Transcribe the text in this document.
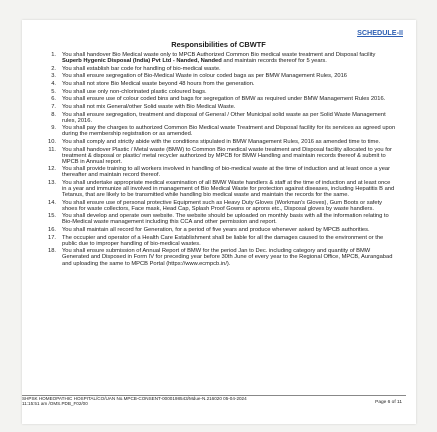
SCHEDULE-II
Responsibilities of CBWTF
1. You shall handover Bio Medical waste only to MPCB Authorized Common Bio medical waste treatment and Disposal facility Superb Hygenic Disposal (India) Pvt Ltd - Nanded, Nanded and maintain records thereof for 5 years.
2. You shall establish bar code for handling of bio-medical waste.
3. You shall ensure segregation of Bio-Medical Waste in colour coded bags as per BMW Management Rules, 2016
4. You shall not store Bio Medical waste beyond 48 hours from the generation.
5. You shall use only non-chlorinated plastic coloured bags.
6. You shall ensure use of colour coded bins and bags for segregation of BMW as required under BMW Management Rules 2016.
7. You shall not mix General/other Solid waste with Bio Medical Waste.
8. You shall ensure segregation, treatment and disposal of General / Other Municipal solid waste as per Solid Waste Management rules, 2016.
9. You shall pay the charges to authorized Common Bio Medical waste Treatment and Disposal facility for its services as agreed upon during the membership registration or as amended.
10. You shall comply and strictly abide with the conditions stipulated in BMW Management Rules, 2016 as amended time to time.
11. You shall handover Plastic / Metal waste (BMW) to Common Bio medical waste treatment and Disposal facility allocated to you for treatment & disposal or plastic/ metal recycler authorized by MPCB for BMW Handling and maintain records thereof & submit to MPCB in Annual report.
12. You shall provide training to all workers involved in handling of bio-medical waste at the time of induction and at least once a year thereafter and maintain record thereof.
13. You shall undertake appropriate medical examination of all BMW Waste handlers & staff at the time of induction and at least once in a year and immunize all involved in management of Bio Medical Waste for protection against diseases, including Hepatitis B and Tetanus, that are likely to be transmitted while handling bio medical waste and maintain the records for the same.
14. You shall ensure use of personal protective Equipment such as Heavy Duty Gloves (Workman's Gloves), Gum Boots or safety shoes for waste collectors, Face mask, Head Cap, Splash Proof Gowns or aprons etc., Disposal gloves by waste handlers.
15. You shall develop and operate own website. The website should be uploaded on monthly basis with all the information relating to Bio-Medical waste management including this CCA and other permission and report.
16. You shall maintain all record for Generation, for a period of five years and produce whenever asked by MPCB authorities.
17. The occupier and operator of a Health Care Establishment shall be liable for all the damages caused to the environment or the public due to improper handling of bio-medical wastes.
18. You shall ensure submission of Annual Report of BMW for the period Jan to Dec. including category and quantity of BMW Generated and Disposed in Form IV for preceding year before 30th June of every year to the Regional Office, MPCB, Aurangabad and uploading the same to MPCB Portal (https://www.ecmpcb.in/).
SHPSK HOMEOPATHIC HOSPITAL/CO/UAN No.MPCB-CONSENT-0000198543/Mdue-N.216020 05-04-2024
11:15:51 am /OMS.PDB_F02/00	Page 6 of 11
